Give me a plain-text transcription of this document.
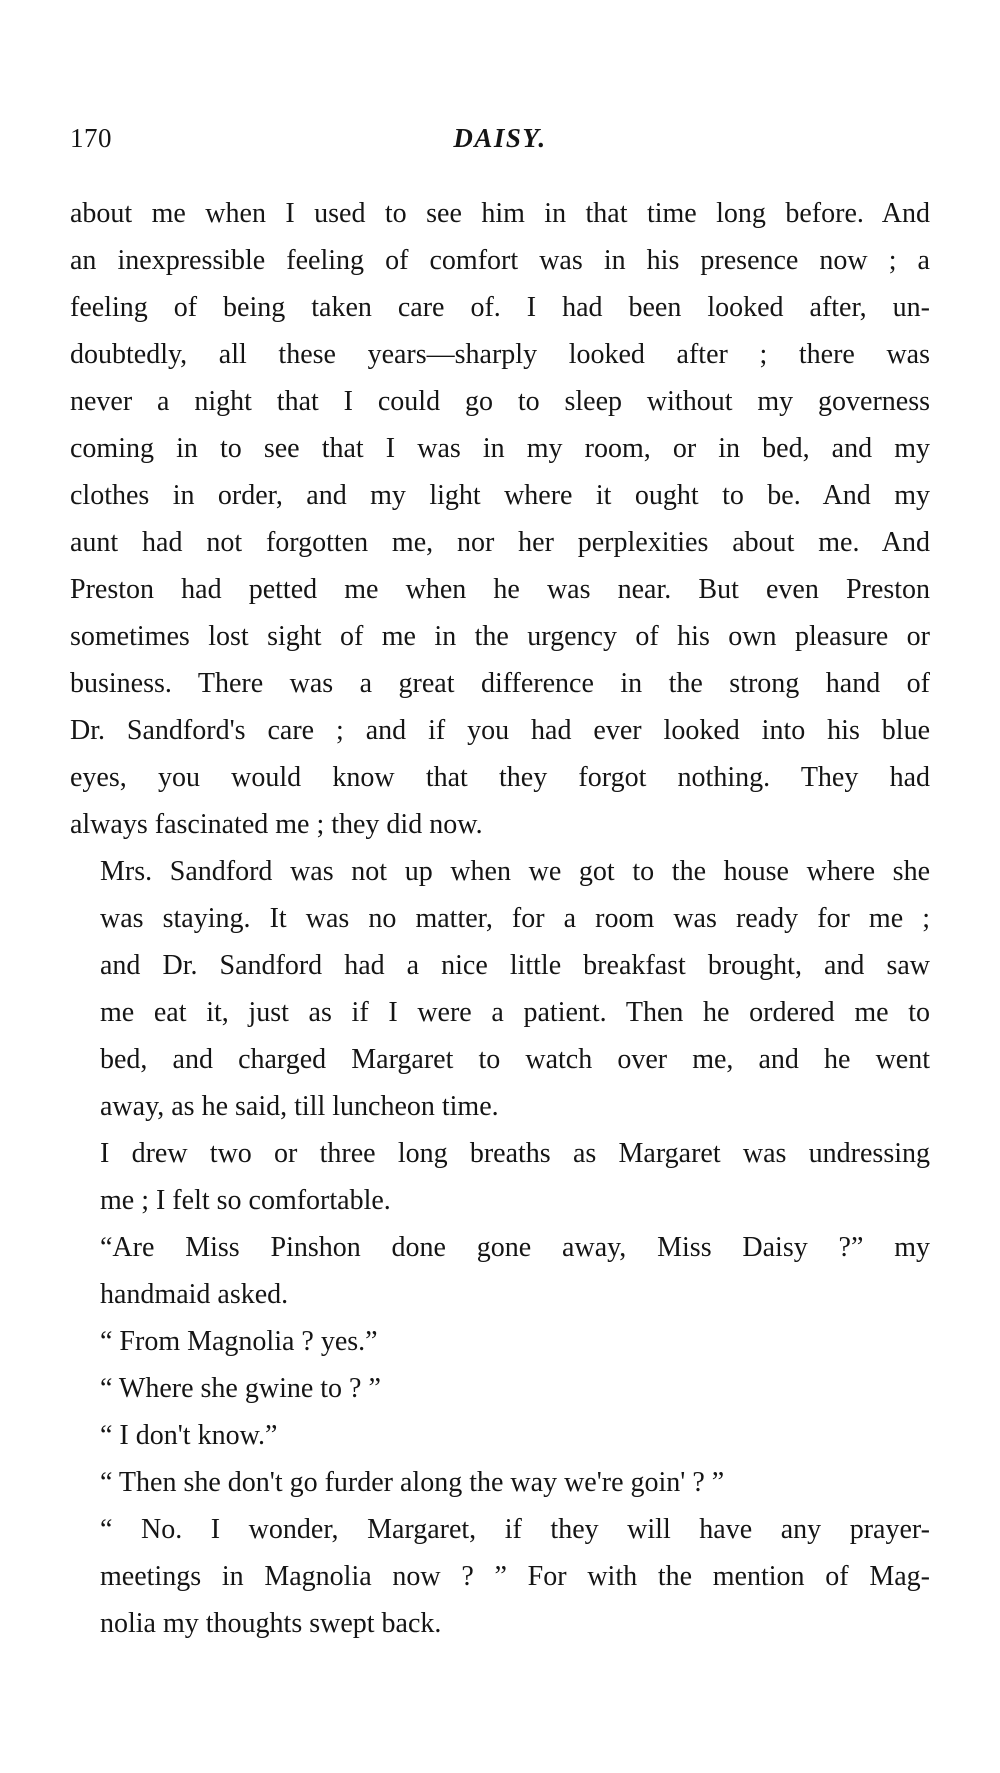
170	DAISY.

about me when I used to see him in that time long before. And
an inexpressible feeling of comfort was in his presence now ; a
feeling of being taken care of. I had been looked after, un-
doubtedly, all these years—sharply looked after ; there was
never a night that I could go to sleep without my governess
coming in to see that I was in my room, or in bed, and my
clothes in order, and my light where it ought to be. And my
aunt had not forgotten me, nor her perplexities about me. And
Preston had petted me when he was near. But even Preston
sometimes lost sight of me in the urgency of his own pleasure or
business. There was a great difference in the strong hand of
Dr. Sandford's care ; and if you had ever looked into his blue
eyes, you would know that they forgot nothing. They had
always fascinated me ; they did now.

Mrs. Sandford was not up when we got to the house where she
was staying. It was no matter, for a room was ready for me ;
and Dr. Sandford had a nice little breakfast brought, and saw
me eat it, just as if I were a patient. Then he ordered me to
bed, and charged Margaret to watch over me, and he went
away, as he said, till luncheon time.

I drew two or three long breaths as Margaret was undressing
me ; I felt so comfortable.

“Are Miss Pinshon done gone away, Miss Daisy ?” my
handmaid asked.

“ From Magnolia ? yes.”

“ Where she gwine to ? ”

“ I don't know.”

“ Then she don't go furder along the way we're goin' ? ”

“ No. I wonder, Margaret, if they will have any prayer-
meetings in Magnolia now ? ” For with the mention of Mag-
nolia my thoughts swept back.
